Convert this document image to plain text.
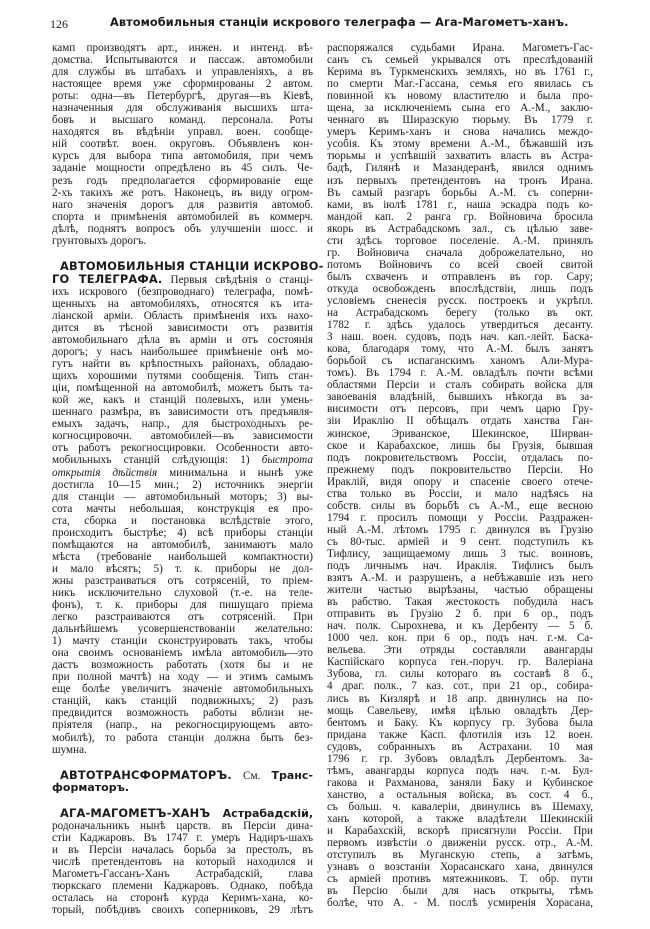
126	Автомобильныя станціи искрового телеграфа — Ага-Магометъ-ханъ.
камп производятъ арт., инжен. и интенд. вѣ-
домства. Испытываются и пассаж. автомобили
для службы въ штабахъ и управленіяхъ, а въ
настоящее время уже сформированы 2 автом.
роты: одна—въ Петербургѣ, другая—въ Кіевѣ,
назначенныя для обслуживанія высшихъ шта-
бовъ и высшаго команд. персонала. Роты
находятся въ вѣдѣніи управл. воен. сообще-
ній соотвѣт. воен. округовъ. Объявленъ кон-
курсъ для выбора типа автомобиля, при чемъ
заданіе мощности опредѣлено въ 45 силъ. Че-
резъ годъ предполагается сформированіе еще
2-хъ такихъ же ротъ. Наконецъ, въ виду огром-
наго значенія дорогъ для развитія автомоб.
спорта и примѣненія автомобилей въ коммерч.
дѣлѣ, поднятъ вопросъ объ улучшеніи шосс. и
грунтовыхъ дорогъ.
АВТОМОБИЛЬНЫЯ СТАНЦІИ ИСКРОВО-
ГО ТЕЛЕГРАФА. Первыя свѣдѣнія о станці-
ихъ искрового (безпроводнаго) телеграфа, помѣ-
щенныхъ на автомобиляхъ, относятся къ ита-
ліанской арміи. Область примѣненія ихъ нахо-
дится въ тѣсной зависимости отъ развитія
автомобильнаго дѣла въ арміи и отъ состоянія
дорогъ; у насъ наибольшее примѣненіе онѣ мо-
гутъ найти въ крѣпостныхъ районахъ, обладаю-
щихъ хорошими путями сообщенія. Типъ стан-
ціи, помѣщенной на автомобилѣ, можетъ быть та-
кой же, какъ и станцій полевыхъ, или умень-
шеннаго размѣра, въ зависимости отъ предъявля-
емыхъ задачъ, напр., для быстроходныхъ ре-
когносцировочн. автомобилей—въ зависимости
отъ работъ рекогносцировки. Особенности авто-
мобильныхъ станцій слѣдующія: 1) быстрота
открытія дѣйствія минимальна и нынѣ уже
достигла 10—15 мин.; 2) источникъ энергіи
для станціи — автомобильный моторъ; 3) вы-
сота мачты небольшая, конструкція ея про-
ста, сборка и постановка вслѣдствіе этого,
происходитъ быстрѣе; 4) всѣ приборы станціи
помѣщаются на автомобилѣ, занимаютъ мало
мѣста (требованіе наибольшей компактности)
и мало вѣсятъ; 5) т. к. приборы не дол-
жны разстраиваться отъ сотрясеній, то пріем-
никъ исключительно слуховой (т.-е. на теле-
фонъ), т. к. приборы для пишущаго пріема
легко разстраиваются отъ сотрясеній. При
дальнѣйшемъ усовершенствованіи желательно:
1) мачту станціи сконструировать такъ, чтобы
она своимъ основаніемъ имѣла автомобиль—это
дастъ возможность работать (хотя бы и не
при полной мачтѣ) на ходу — и этимъ самымъ
еще болѣе увеличитъ значеніе автомобильныхъ
станцій, какъ станцій подвижныхъ; 2) разъ
предвидится возможность работы вблизи не-
пріятеля (напр., на рекогносцирующемъ авто-
мобилѣ), то работа станціи должна быть без-
шумна.
АВТОТРАНСФОРМАТОРЪ. См. Транс-
форматоръ.
АГА-МАГОМЕТЪ-ХАНЪ Астрабадскій,
родоначальникъ нынѣ царств. въ Персіи дина-
стіи Каджаровъ. Въ 1747 г. умеръ Надиръ-шахъ
и въ Персіи началась борьба за престолъ, въ
числѣ претендентовъ на который находился и
Магометъ-Гассанъ-Ханъ Астрабадскій, глава
тюркскаго племени Каджаровъ. Однако, побѣда
осталась на сторонѣ курда Керимъ-хана, ко-
торый, побѣдивъ своихъ соперниковъ, 29 лѣтъ
распоряжался судьбами Ирана. Магометъ-Гас-
санъ съ семьей укрывался отъ преслѣдованій
Керима въ Туркменскихъ земляхъ, но въ 1761 г.,
по смерти Маг.-Гассана, семья его явилась съ
повинной къ новому властителю и была про-
щена, за исключеніемъ сына его А.-М., заклю-
ченнаго въ Ширазскую тюрьму. Въ 1779 г.
умеръ Керимъ-ханъ и снова начались междо-
усобія. Къ этому времени А.-М., бѣжавшій изъ
тюрьмы и успѣвшій захватить власть въ Астра-
бадѣ, Гилянѣ и Мазандеранѣ, явился однимъ
изъ первыхъ претендентовъ на тронъ Ирана.
Въ самый разгаръ борьбы А.-М. съ соперни-
ками, въ іюлѣ 1781 г., наша эскадра подъ ко-
мандой кап. 2 ранга гр. Войновича бросила
якорь въ Астрабадскомъ зал., съ цѣлью заве-
сти здѣсь торговое поселеніе. А.-М. принялъ
гр. Войновича сначала доброжелательно, но
потомъ Войновичъ со всей своей свитой
былъ схваченъ и отправленъ въ гор. Сару;
откуда освобожденъ впослѣдствіи, лишь подъ
условіемъ сненесія русск. построекъ и укрѣпл.
на Астрабадскомъ берегу (только въ окт.
1782 г. здѣсь удалось утвердиться десанту.
3 наш. воен. судовъ, подъ нач. кап.-лейт. Баска-
кова, благодаря тому, что А.-М. былъ занятъ
борьбой съ испаганскимъ ханомъ Али-Мура-
томъ). Въ 1794 г. А.-М. овладѣлъ почти всѣми
областями Персіи и сталъ собирать войска для
завоеванія владѣній, бывшихъ нѣкогда въ за-
висимости отъ персовъ, при чемъ царю Гру-
зіи Ираклію II обѣщалъ отдать ханства Ган-
жинское, Эриванское, Шекинское, Ширван-
ское и Карабахское, лишь бы Грузія, бывшая
подъ покровительствомъ Россіи, отдалась по-
прежнему подъ покровительство Персіи. Но
Ираклій, видя опору и спасеніе своего отече-
ства только въ Россіи, и мало надѣясь на
собств. силы въ борьбѣ съ А.-М., еще весною
1794 г. просилъ помощи у Россіи. Раздражен-
ный А.-М. лѣтомъ 1795 г. двинулся въ Грузію
съ 80-тыс. арміей и 9 сент. подступилъ къ
Тифлису, защищаемому лишь 3 тыс. воиновъ,
подъ личнымъ нач. Ираклія. Тифлисъ былъ
взятъ А.-М. и разрушенъ, а небѣжавшіе изъ него
жители частью вырѣзаны, частью обращены
въ рабство. Такая жестокость побудила насъ
отправить въ Грузію 2 б. при 6 ор., подъ
нач. полк. Сырохнева, и къ Дербенту — 5 б.
1000 чел. кон. при 6 ор., подъ нач. г.-м. Са-
вельева. Эти отряды составляли авангарды
Каспійскаго корпуса ген.-поруч. гр. Валеріана
Зубова, гл. силы котораго въ составѣ 8 б.,
4 драг. полк., 7 каз. сот., при 21 ор., собира-
лись въ Кизлярѣ и 18 апр. двинулись на по-
мощь Савельеву, имѣя цѣлью овладѣть Дер-
бентомъ и Баку. Къ корпусу гр. Зубова была
придана также Касп. флотилія изъ 12 воен.
судовъ, собранныхъ въ Астрахани. 10 мая
1796 г. гр. Зубовъ овладѣлъ Дербентомъ. За-
тѣмъ, авангарды корпуса подъ нач. г.-м. Бул-
гакова и Рахманова, заняли Баку и Кубинское
ханство, а остальныя войска, въ сост. 4 б.,
съ больш. ч. кавалеріи, двинулись въ Шемаху,
ханъ которой, а также владѣтели Шекинскій
и Карабахскій, вскорѣ присягнули Россіи. При
первомъ извѣстіи о движеніи русск. отр., А.-М.
отступилъ въ Муганскую степь, а затѣмъ,
узнавъ о возстаніи Хорасанскаго хана, двинулся
съ арміей противъ мятежниковъ. Т. обр. пути
въ Персію были для насъ открыты, тѣмъ
болѣе, что А. - М. послѣ усмиренія Хорасана,
